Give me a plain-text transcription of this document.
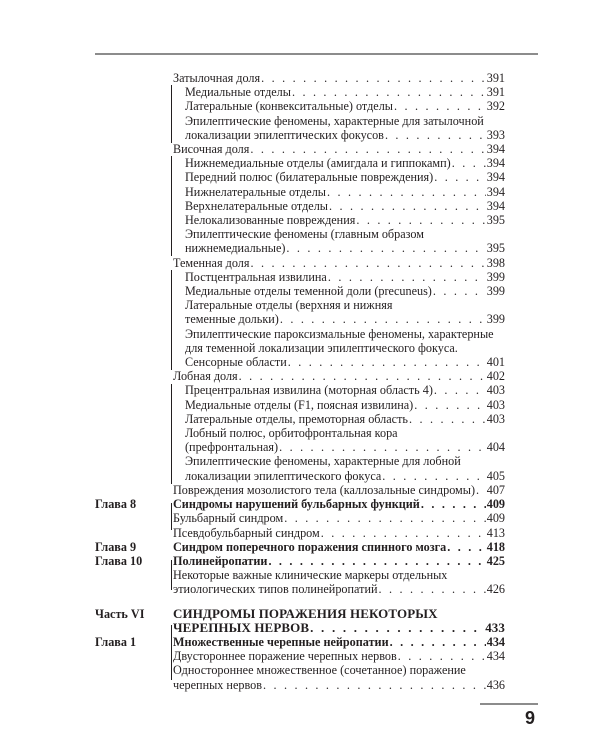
Затылочная доля . . .	391
Медиальные отделы . . .	391
Латеральные (конвекситальные) отделы . . .	392
Эпилептические феномены, характерные для затылочной
локализации эпилептических фокусов . . .	393
Височная доля . . .	394
Нижнемедиальные отделы (амигдала и гиппокамп) . . .	394
Передний полюс (билатеральные повреждения) . . .	394
Нижнелатеральные отделы . . .	394
Верхнелатеральные отделы . . .	394
Нелокализованные повреждения . . .	395
Эпилептические феномены (главным образом
нижнемедиальные) . . .	395
Теменная доля . . .	398
Постцентральная извилина . . .	399
Медиальные отделы теменной доли (precuneus) . . .	399
Латеральные отделы (верхняя и нижняя
теменные дольки) . . .	399
Эпилептические пароксизмальные феномены, характерные
для теменной локализации эпилептического фокуса.
Сенсорные области . . .	401
Лобная доля . . .	402
Прецентральная извилина (моторная область 4) . . .	403
Медиальные отделы (F1, поясная извилина) . . .	403
Латеральные отделы, премоторная область . . .	403
Лобный полюс, орбитофронтальная кора
(префронтальная) . . .	404
Эпилептические феномены, характерные для лобной
локализации эпилептического фокуса . . .	405
Повреждения мозолистого тела (каллозальные синдромы) . . . 407
Глава 8	Синдромы нарушений бульбарных функций . . .	409
Бульбарный синдром . . .	409
Псевдобульбарный синдром . . .	413
Глава 9	Синдром поперечного поражения спинного мозга . . .	418
Глава 10	Полинейропатии . . .	425
Некоторые важные клинические маркеры отдельных
этиологических типов полинейропатий . . .	426
Часть VI	СИНДРОМЫ ПОРАЖЕНИЯ НЕКОТОРЫХ
ЧЕРЕПНЫХ НЕРВОВ . . .	433
Глава 1	Множественные черепные нейропатии . . .	434
Двустороннее поражение черепных нервов . . .	434
Одностороннее множественное (сочетанное) поражение
черепных нервов . . .	436
9
